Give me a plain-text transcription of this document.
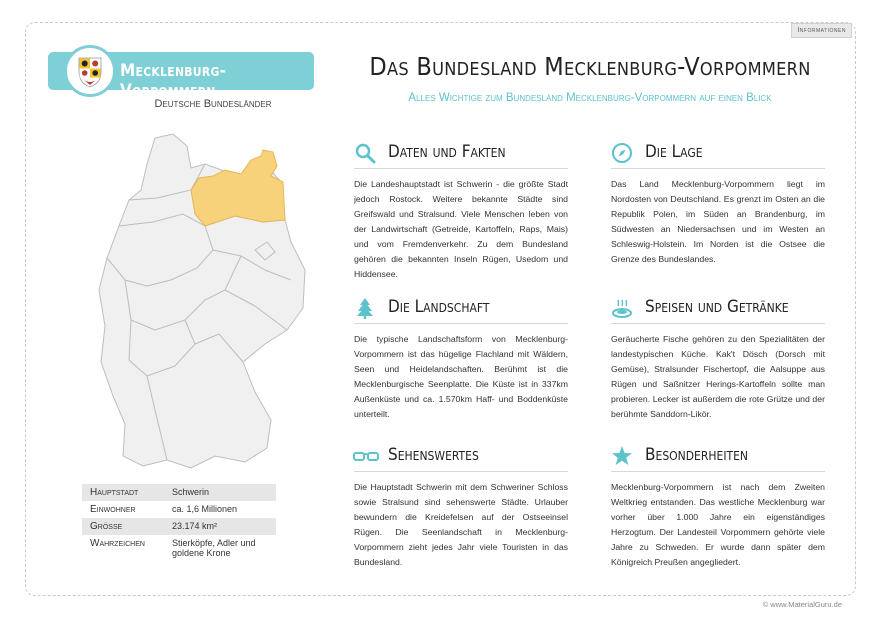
Informationen
Mecklenburg-Vorpommern
Deutsche Bundesländer
Das Bundesland Mecklenburg-Vorpommern
Alles Wichtige zum Bundesland Mecklenburg-Vorpommern auf einen Blick
Hauptstadt	Schwerin
Einwohner	ca. 1,6 Millionen
Größe	23.174 km²
Wahrzeichen	Stierköpfe, Adler und goldene Krone
Daten und Fakten
Die Landeshauptstadt ist Schwerin - die größte Stadt jedoch Rostock. Weitere bekannte Städte sind Greifswald und Stralsund. Viele Menschen leben von der Landwirtschaft (Getreide, Kartoffeln, Raps, Mais) und vom Fremdenverkehr. Zu dem Bundesland gehören die bekannten Inseln Rügen, Usedom und Hiddensee.
Die Lage
Das Land Mecklenburg-Vorpommern liegt im Nordosten von Deutschland. Es grenzt im Osten an die Republik Polen, im Süden an Brandenburg, im Südwesten an Niedersachsen und im Westen an Schleswig-Holstein. Im Norden ist die Ostsee die Grenze des Bundeslandes.
Die Landschaft
Die typische Landschaftsform von Mecklenburg-Vorpommern ist das hügelige Flachland mit Wäldern, Seen und Heidelandschaften. Berühmt ist die Mecklenburgische Seenplatte. Die Küste ist in 337km Außenküste und ca. 1.570km Haff- und Boddenküste unterteilt.
Speisen und Getränke
Geräucherte Fische gehören zu den Spezialitäten der landestypischen Küche. Kak't Dösch (Dorsch mit Gemüse), Stralsunder Fischertopf, die Aalsuppe aus Rügen und Saßnitzer Herings-Kartoffeln sollte man probieren. Lecker ist außerdem die rote Grütze und der berühmte Sanddorn-Likör.
Sehenswertes
Die Hauptstadt Schwerin mit dem Schweriner Schloss sowie Stralsund sind sehenswerte Städte. Urlauber bewundern die Kreidefelsen auf der Ostseeinsel Rügen. Die Seenlandschaft in Mecklenburg-Vorpommern zieht jedes Jahr viele Touristen in das Bundesland.
Besonderheiten
Mecklenburg-Vorpommern ist nach dem Zweiten Weltkrieg entstanden. Das westliche Mecklenburg war vorher über 1.000 Jahre ein eigenständiges Herzogtum. Der Landesteil Vorpommern gehörte viele Jahre zu Schweden. Er wurde dann später dem Königreich Preußen angegliedert.
© www.MaterialGuru.de
